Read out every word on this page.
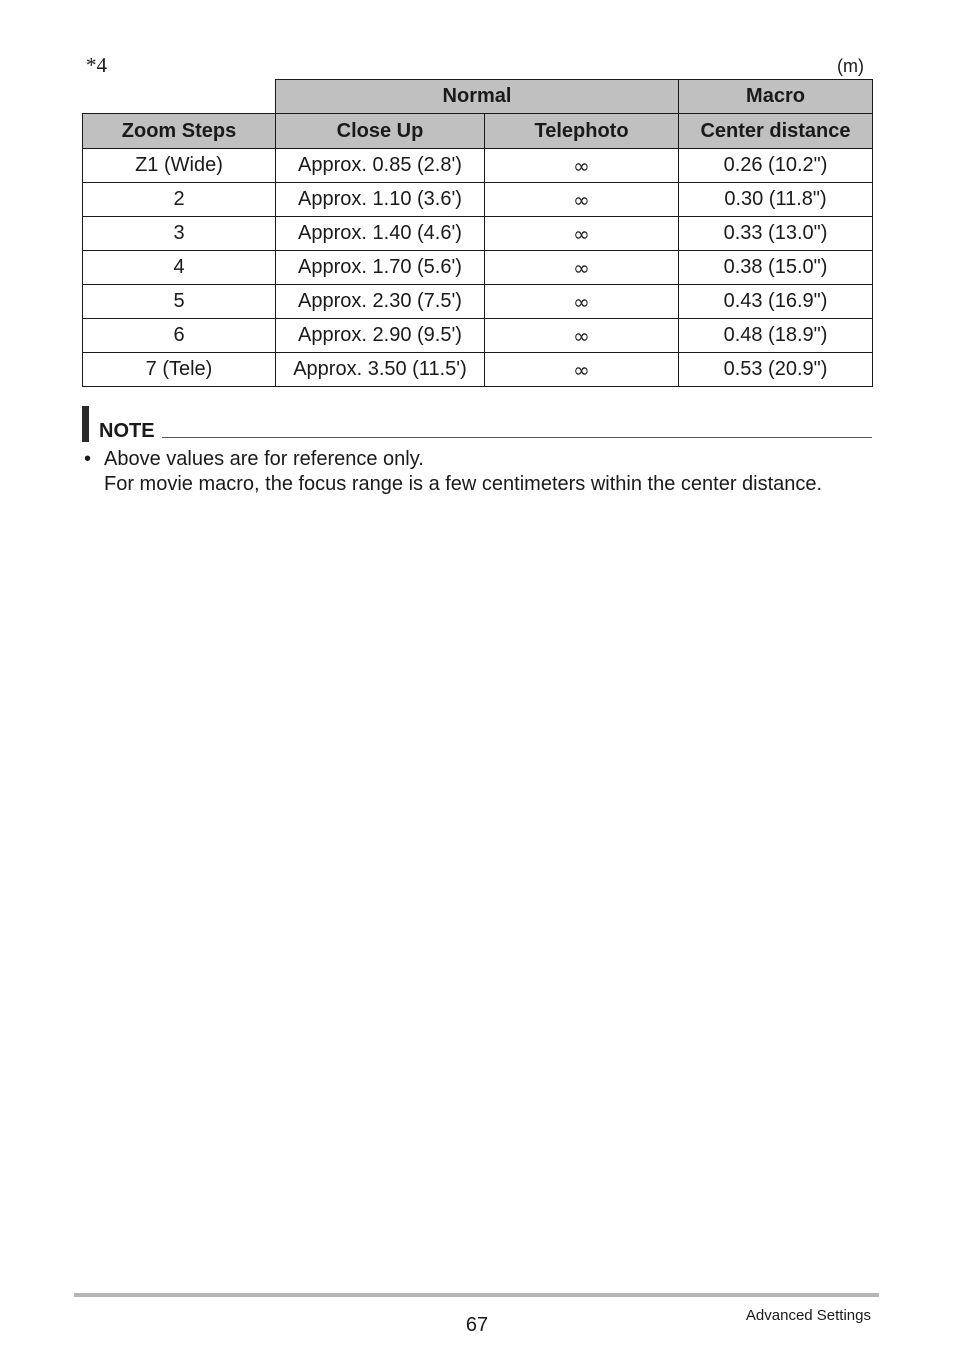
*4	(m)
	Normal		Macro
Zoom Steps	Close Up	Telephoto	Center distance
Z1 (Wide)	Approx. 0.85 (2.8')	∞	0.26 (10.2")
2	Approx. 1.10 (3.6')	∞	0.30 (11.8")
3	Approx. 1.40 (4.6')	∞	0.33 (13.0")
4	Approx. 1.70 (5.6')	∞	0.38 (15.0")
5	Approx. 2.30 (7.5')	∞	0.43 (16.9")
6	Approx. 2.90 (9.5')	∞	0.48 (18.9")
7 (Tele)	Approx. 3.50 (11.5')	∞	0.53 (20.9")
NOTE
• Above values are for reference only.
For movie macro, the focus range is a few centimeters within the center distance.
67	Advanced Settings
